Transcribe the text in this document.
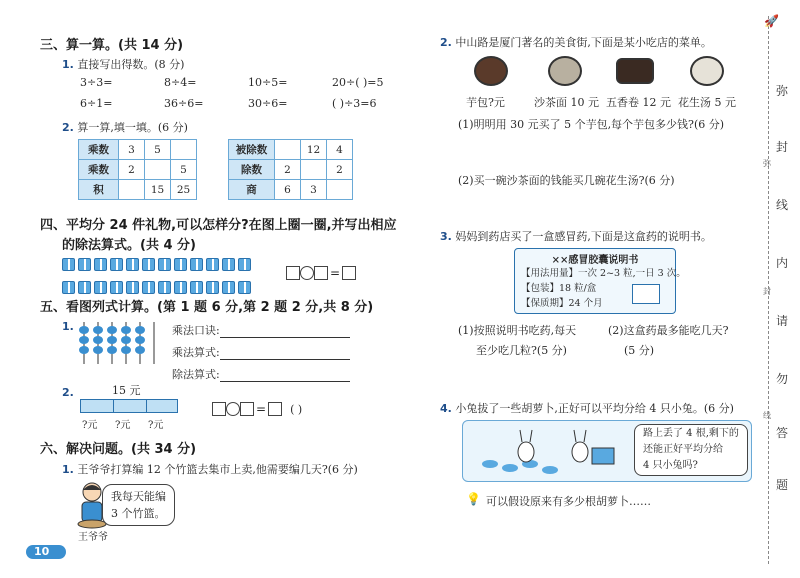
三、算一算。(共 14 分)
1. 直接写出得数。(8 分)
3÷3=	8÷4=	10÷5=	20÷( )=5
6÷1=	36÷6=	30÷6=	( )÷3=6
2. 算一算,填一填。(6 分)
乘数	3	5	
乘数	2		5
积		15	25
被除数		12	4
除数	2		2
商	6	3	
四、平均分 24 件礼物,可以怎样分?在图上圈一圈,并写出相应
的除法算式。(共 4 分)
=
五、看图列式计算。(第 1 题 6 分,第 2 题 2 分,共 8 分)
1.	乘法口诀:
乘法算式:
除法算式:
2.	15 元
?元 ?元 ?元
= ( )
六、解决问题。(共 34 分)
1. 王爷爷打算编 12 个竹篮去集市上卖,他需要编几天?(6 分)
我每天能编
3 个竹篮。
王爷爷
10
2. 中山路是厦门著名的美食街,下面是某小吃店的菜单。
芋包?元	沙茶面 10 元 五香卷 12 元 花生汤 5 元
(1)明明用 30 元买了 5 个芋包,每个芋包多少钱?(6 分)
(2)买一碗沙茶面的钱能买几碗花生汤?(6 分)
3. 妈妈到药店买了一盒感冒药,下面是这盒药的说明书。
××感冒胶囊说明书
【用法用量】一次 2~3 粒,一日 3 次。
【包装】18 粒/盒
【保质期】24 个月
(1)按照说明书吃药,每天
至少吃几粒?(5 分)
(2)这盒药最多能吃几天?
(5 分)
4. 小兔拔了一些胡萝卜,正好可以平均分给 4 只小兔。(6 分)
路上丢了 4 根,剩下的
还能正好平均分给
4 只小兔吗?
💡 可以假设原来有多少根胡萝卜……
🚀
弥
封
线
弥
封
线
内
请
勿
答
题
